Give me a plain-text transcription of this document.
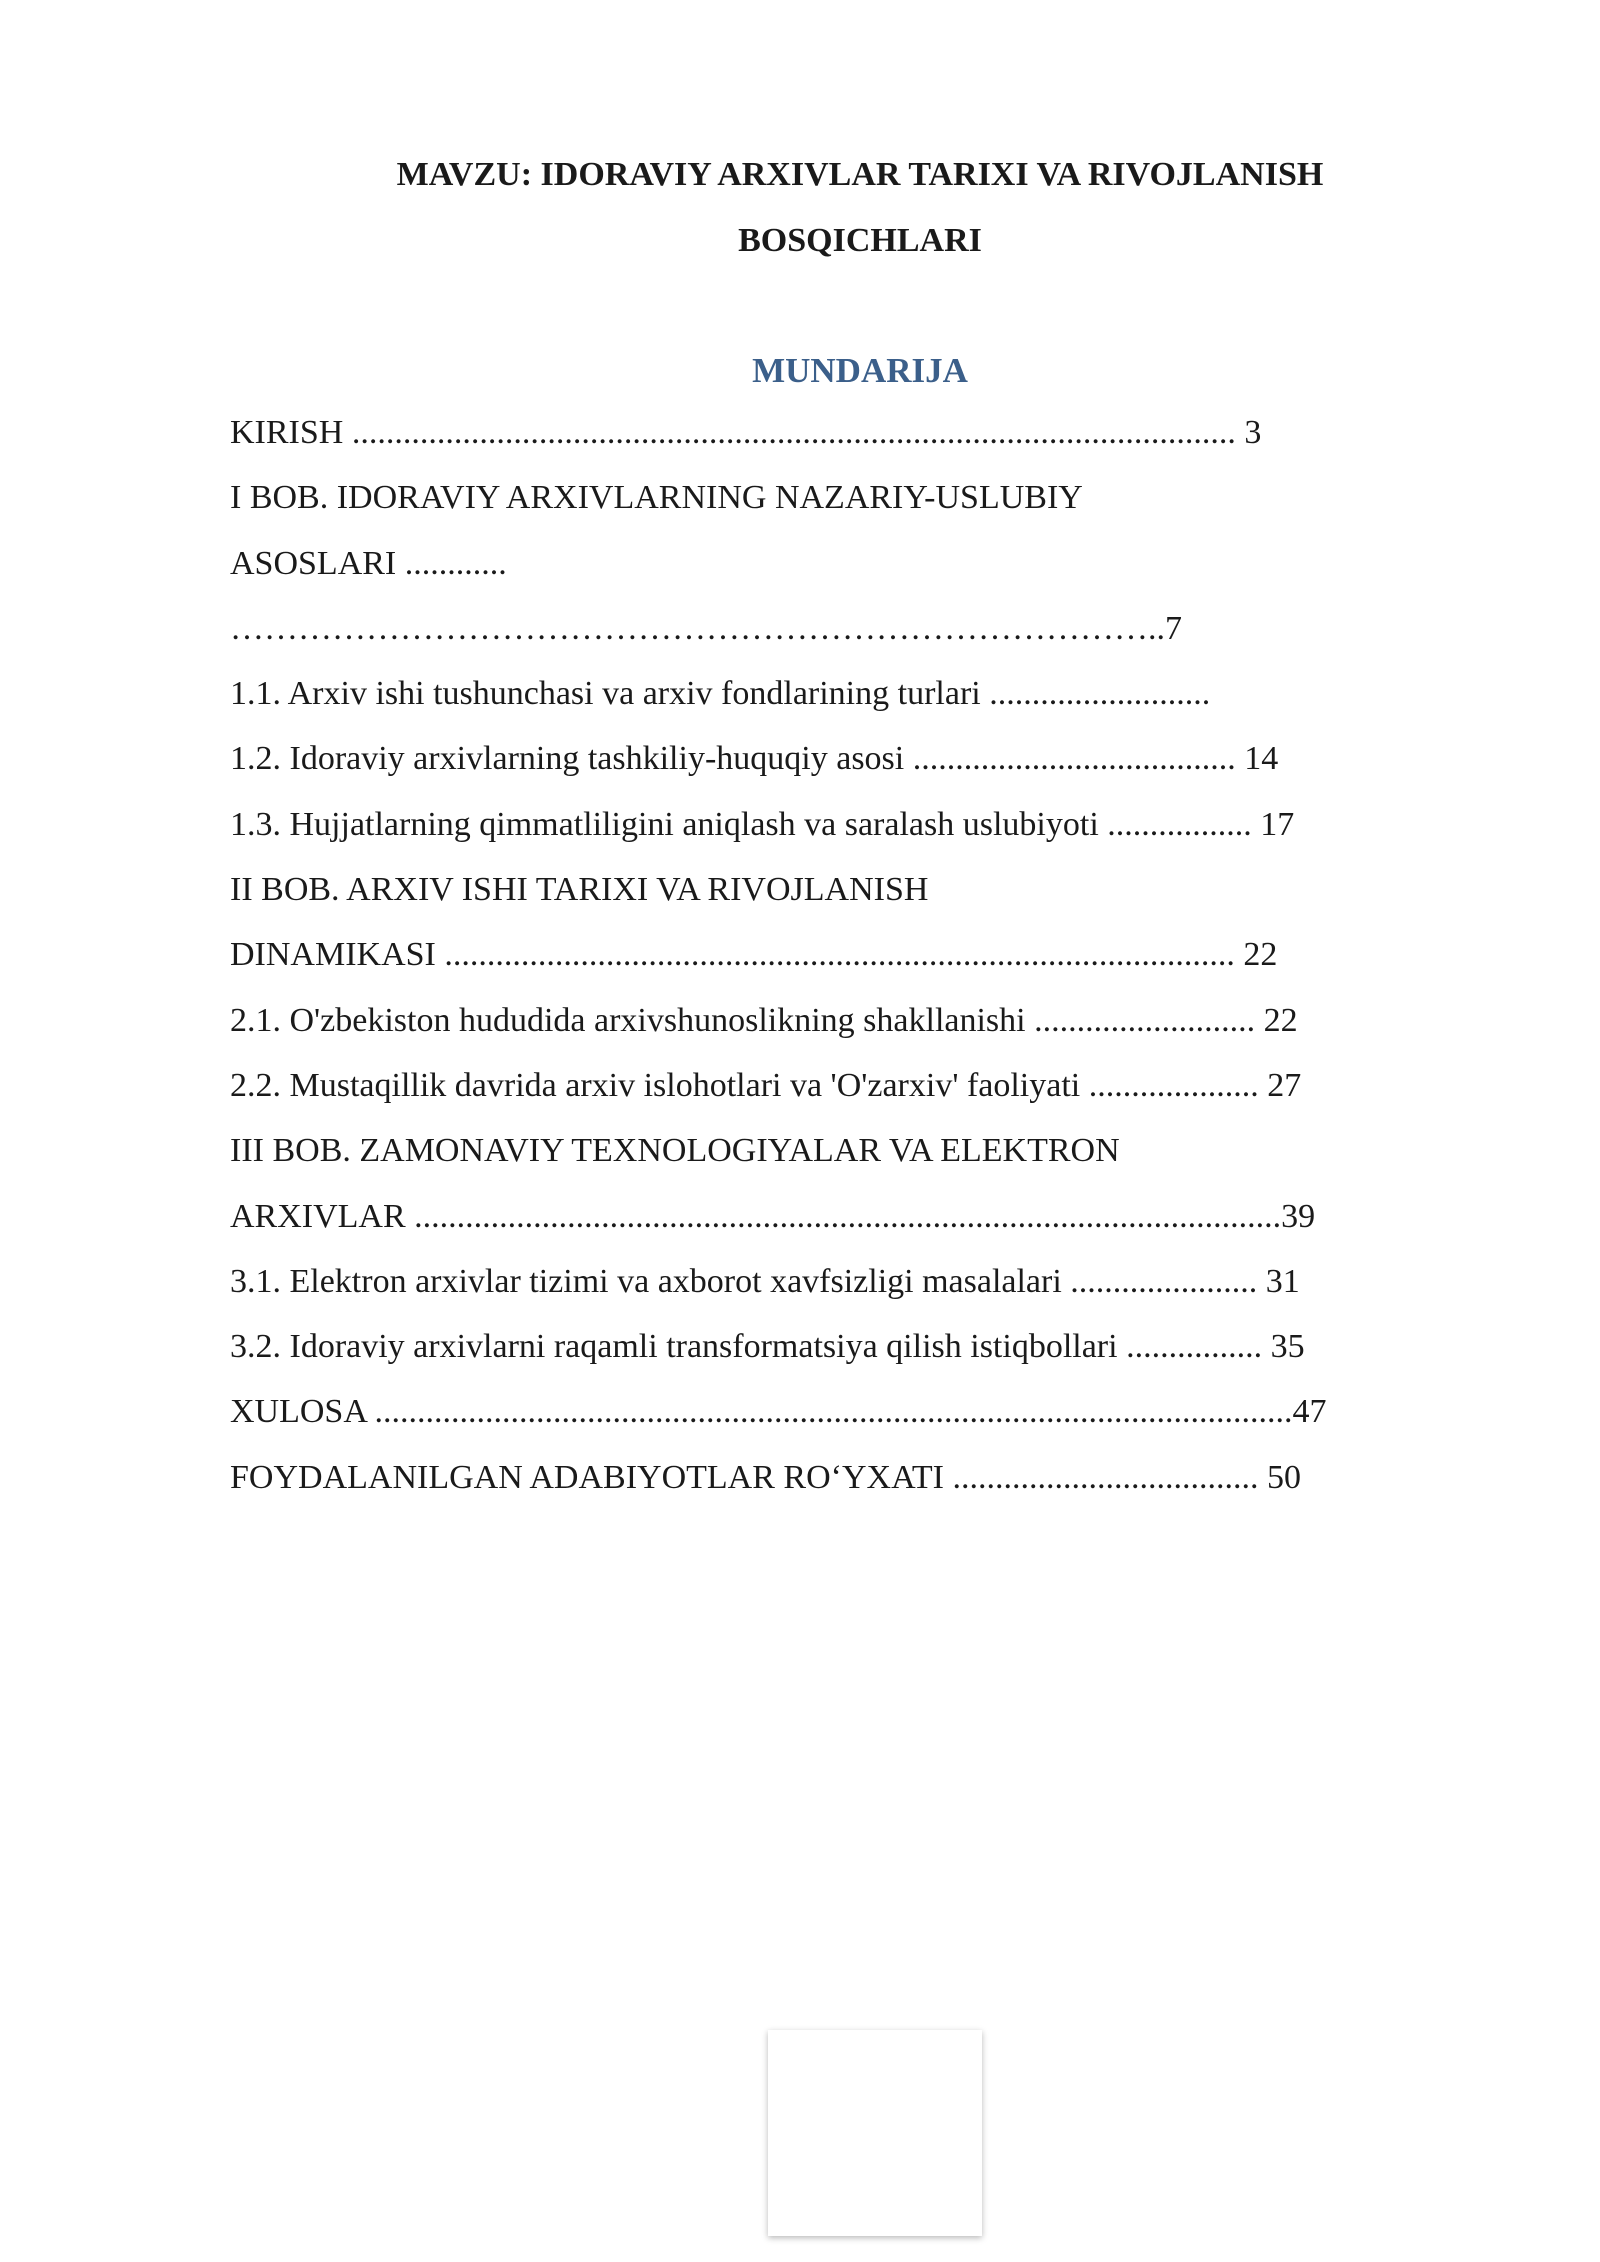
MAVZU: IDORAVIY ARXIVLAR TARIXI VA RIVOJLANISH
BOSQICHLARI
MUNDARIJA
KIRISH ........................................................................................................ 3
I BOB. IDORAVIY ARXIVLARNING NAZARIY-USLUBIY
ASOSLARI ............
………………………………………………………………………..7
1.1. Arxiv ishi tushunchasi va arxiv fondlarining turlari ..........................
1.2. Idoraviy arxivlarning tashkiliy-huquqiy asosi ...................................... 14
1.3. Hujjatlarning qimmatliligini aniqlash va saralash uslubiyoti ................. 17
II BOB. ARXIV ISHI TARIXI VA RIVOJLANISH
DINAMIKASI ............................................................................................. 22
2.1. O'zbekiston hududida arxivshunoslikning shakllanishi .......................... 22
2.2. Mustaqillik davrida arxiv islohotlari va 'O'zarxiv' faoliyati .................... 27
III BOB. ZAMONAVIY TEXNOLOGIYALAR VA ELEKTRON
ARXIVLAR ......................................................................................................39
3.1. Elektron arxivlar tizimi va axborot xavfsizligi masalalari ...................... 31
3.2. Idoraviy arxivlarni raqamli transformatsiya qilish istiqbollari ................ 35
XULOSA ............................................................................................................47
FOYDALANILGAN ADABIYOTLAR RO‘YXATI .................................... 50
